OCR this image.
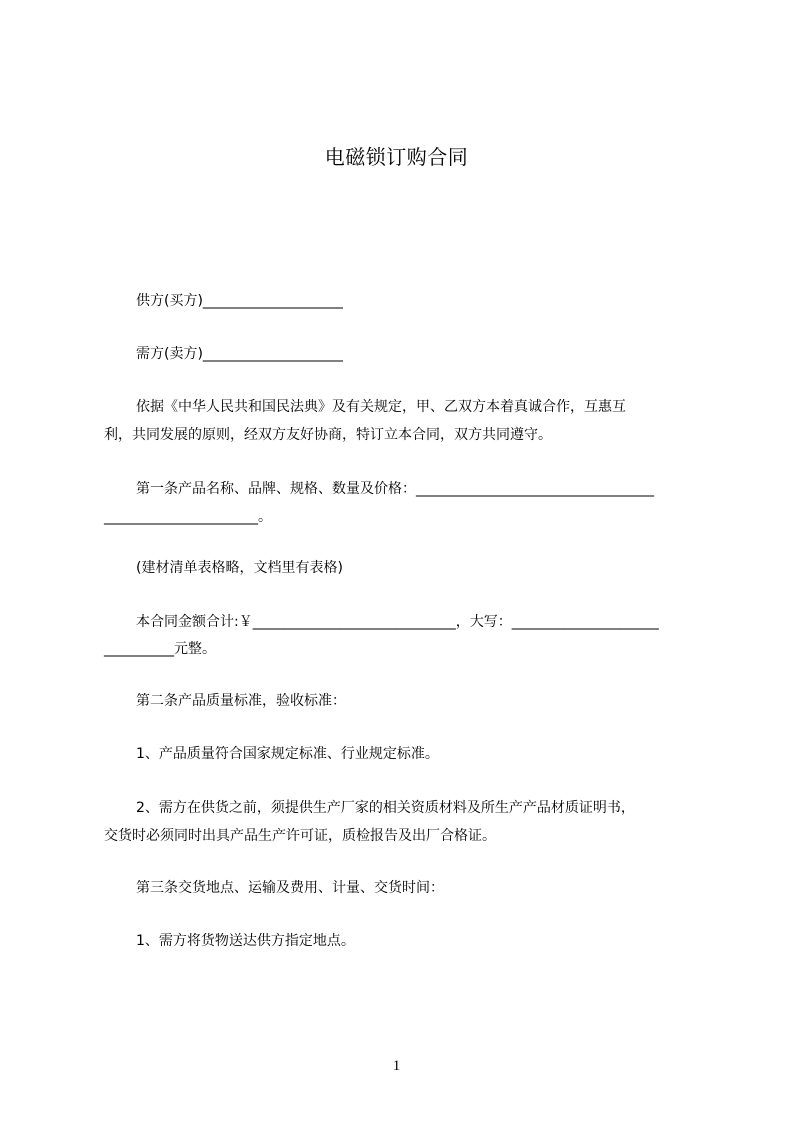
电磁锁订购合同
供方(买方)____________________
需方(卖方)____________________
依据《中华人民共和国民法典》及有关规定，甲、乙双方本着真诚合作，互惠互
利，共同发展的原则，经双方友好协商，特订立本合同，双方共同遵守。
第一条产品名称、品牌、规格、数量及价格：__________________________________
______________________。
(建材清单表格略，文档里有表格)
本合同金额合计:￥_____________________________，大写：_____________________
__________元整。
第二条产品质量标准，验收标准：
1、产品质量符合国家规定标准、行业规定标准。
2、需方在供货之前，须提供生产厂家的相关资质材料及所生产产品材质证明书，
交货时必须同时出具产品生产许可证，质检报告及出厂合格证。
第三条交货地点、运输及费用、计量、交货时间：
1、需方将货物送达供方指定地点。
1
